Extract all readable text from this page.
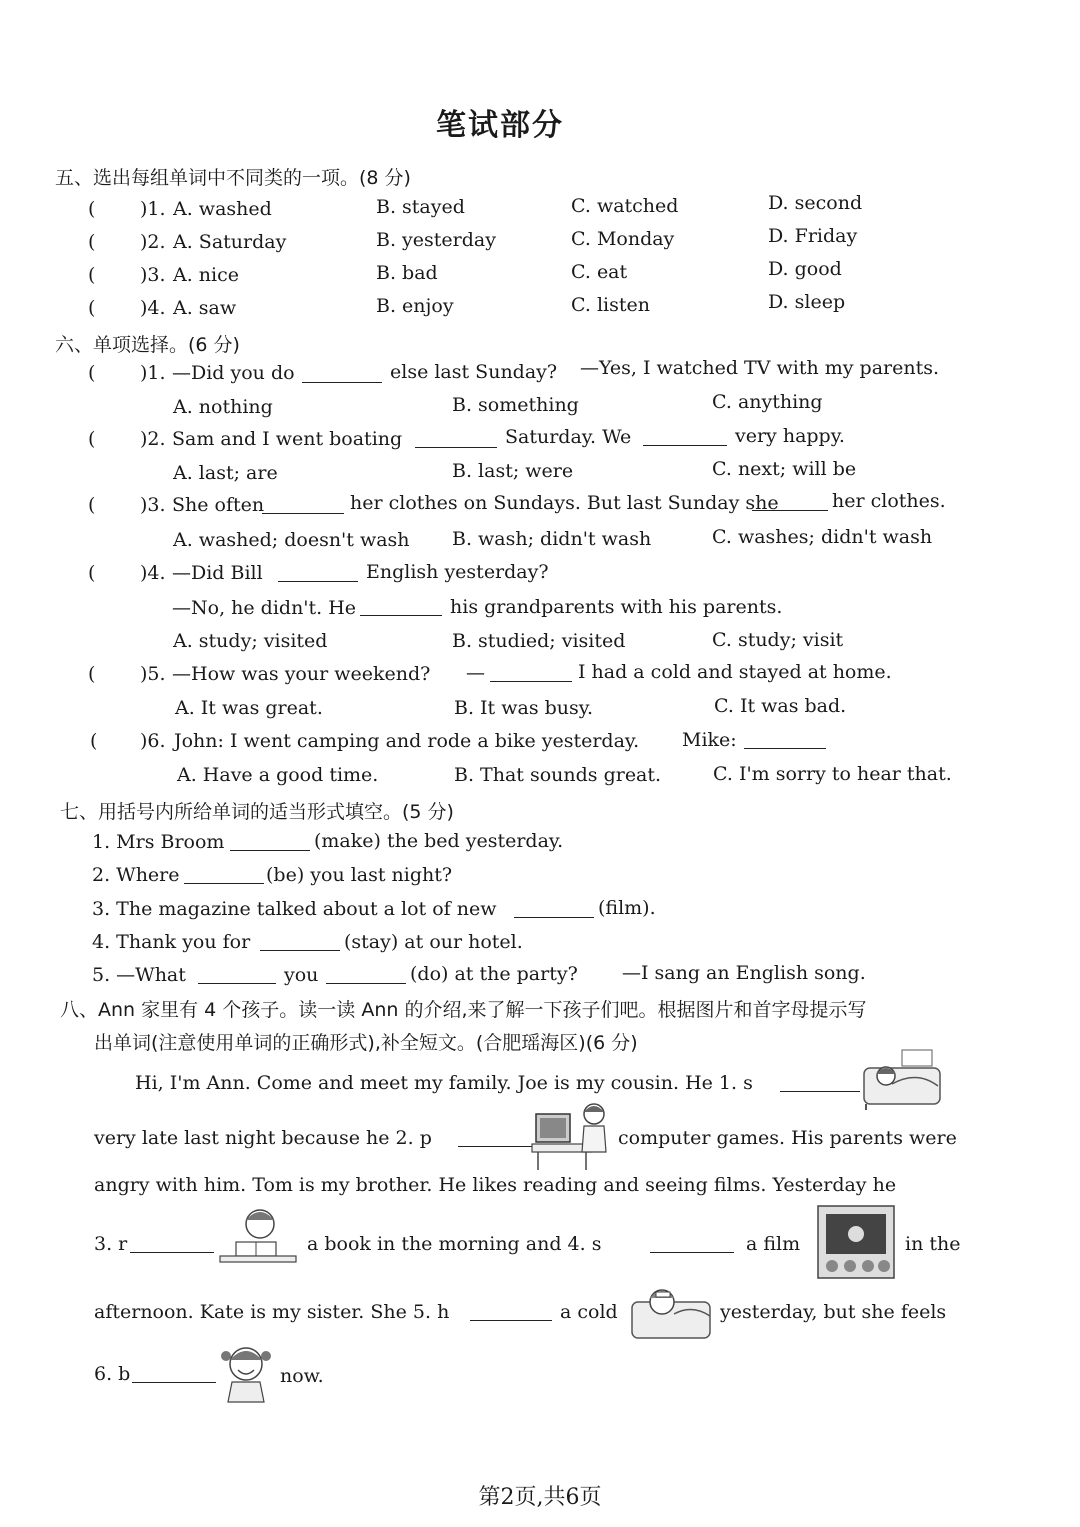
笔试部分
五、选出每组单词中不同类的一项。(8 分)
( )1. A. washed	B. stayed	C. watched	D. second
( )2. A. Saturday	B. yesterday	C. Monday	D. Friday
( )3. A. nice	B. bad	C. eat	D. good
( )4. A. saw	B. enjoy	C. listen	D. sleep
六、单项选择。(6 分)
( )1. —Did you do	else last Sunday? —Yes, I watched TV with my parents.
A. nothing	B. something	C. anything
( )2. Sam and I went boating	Saturday. We	very happy.
A. last; are	B. last; were	C. next; will be
( )3. She often	her clothes on Sundays. But last Sunday she	her clothes.
A. washed; doesn't wash B. wash; didn't wash	C. washes; didn't wash
( )4. —Did Bill	English yesterday?
—No, he didn't. He	his grandparents with his parents.
A. study; visited	B. studied; visited	C. study; visit
( )5. —How was your weekend? —	I had a cold and stayed at home.
A. It was great.	B. It was busy.	C. It was bad.
( )6. John: I went camping and rode a bike yesterday. Mike:
A. Have a good time.	B. That sounds great.	C. I'm sorry to hear that.
七、用括号内所给单词的适当形式填空。(5 分)
1. Mrs Broom	(make) the bed yesterday.
2. Where	(be) you last night?
3. The magazine talked about a lot of new	(film).
4. Thank you for	(stay) at our hotel.
5. —What	you	(do) at the party? —I sang an English song.
八、Ann 家里有 4 个孩子。读一读 Ann 的介绍,来了解一下孩子们吧。根据图片和首字母提示写
出单词(注意使用单词的正确形式),补全短文。(合肥瑶海区)(6 分)
Hi, I'm Ann. Come and meet my family. Joe is my cousin. He 1. s
very late last night because he 2. p	computer games. His parents were
angry with him. Tom is my brother. He likes reading and seeing films. Yesterday he
3. r	a book in the morning and 4. s	a film	in the
afternoon. Kate is my sister. She 5. h	a cold	yesterday, but she feels
6. b	now.
第2页,共6页
